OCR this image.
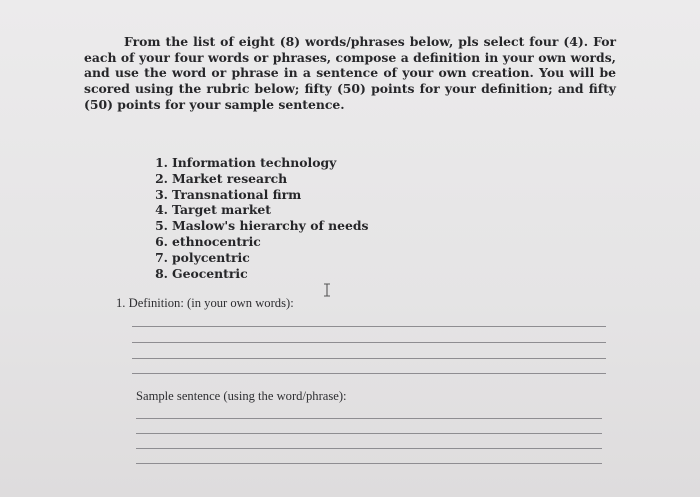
From the list of eight (8) words/phrases below, pls select four (4). For each of your four words or phrases, compose a definition in your own words, and use the word or phrase in a sentence of your own creation. You will be scored using the rubric below; fifty (50) points for your definition; and fifty (50) points for your sample sentence.

1. Information technology
2. Market research
3. Transnational firm
4. Target market
5. Maslow's hierarchy of needs
6. ethnocentric
7. polycentric
8. Geocentric
1. Definition: (in your own words):
Sample sentence (using the word/phrase):
